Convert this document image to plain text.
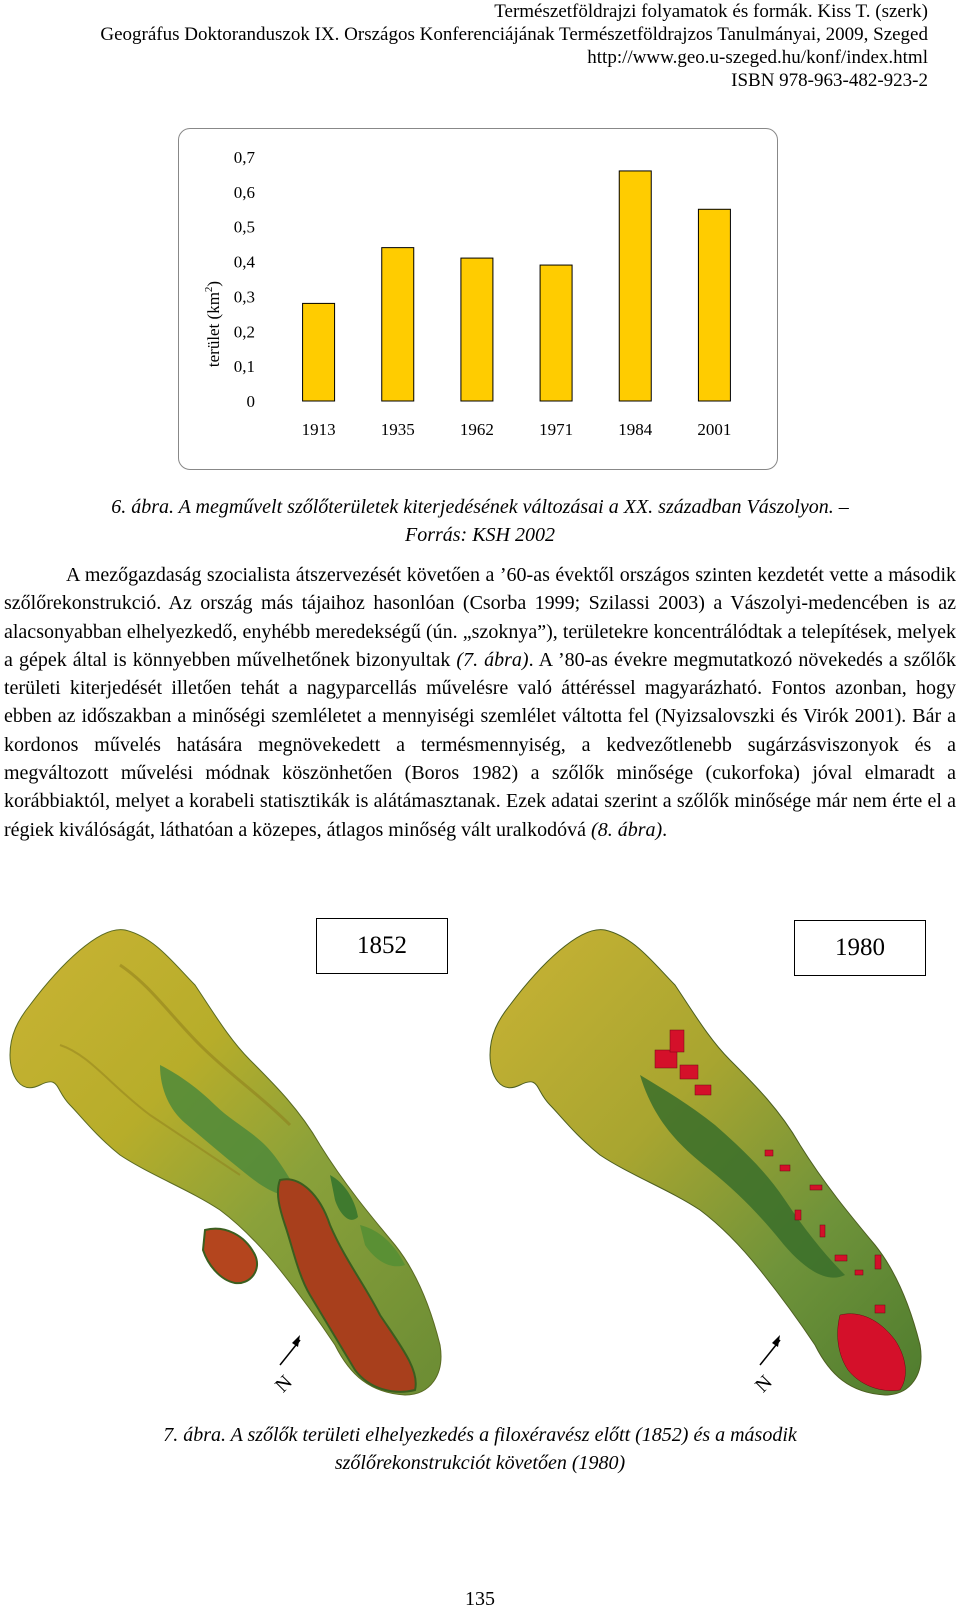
Természetföldrajzi folyamatok és formák. Kiss T. (szerk)
Geográfus Doktoranduszok IX. Országos Konferenciájának Természetföldrajzos Tanulmányai, 2009, Szeged
http://www.geo.u-szeged.hu/konf/index.html
ISBN 978-963-482-923-2
0
0,1
0,2
0,3
0,4
0,5
0,6
0,7
1913	1935	1962	1971	1984	2001
terület $(km^2)$
6. ábra. A megművelt szőlőterületek kiterjedésének változásai a XX. században Vászolyon. –
Forrás: KSH 2002

A mezőgazdaság szocialista átszervezését követően a ’60-as évektől országos szinten kezdetét vette a második szőlőrekonstrukció. Az ország más tájaihoz hasonlóan (Csorba 1999; Szilassi 2003) a Vászolyi-medencében is az alacsonyabban elhelyezkedő, enyhébb meredekségű (ún. „szoknya”), területekre koncentrálódtak a telepítések, melyek a gépek által is könnyebben művelhetőnek bizonyultak (7. ábra). A ’80-as évekre megmutatkozó növekedés a szőlők területi kiterjedését illetően tehát a nagyparcellás művelésre való áttéréssel magyarázható. Fontos azonban, hogy ebben az időszakban a minőségi szemléletet a mennyiségi szemlélet váltotta fel (Nyizsalovszki és Virók 2001). Bár a kordonos művelés hatására megnövekedett a termésmennyiség, a kedvezőtlenebb sugárzásviszonyok és a megváltozott művelési módnak köszönhetően (Boros 1982) a szőlők minősége (cukorfoka) jóval elmaradt a korábbiaktól, melyet a korabeli statisztikák is alátámasztanak. Ezek adatai szerint a szőlők minősége már nem érte el a régiek kiválóságát, láthatóan a közepes, átlagos minőség vált uralkodóvá (8. ábra).

N	N
1852	1980
7. ábra. A szőlők területi elhelyezkedés a filoxéravész előtt (1852) és a második
szőlőrekonstrukciót követően (1980)
135
